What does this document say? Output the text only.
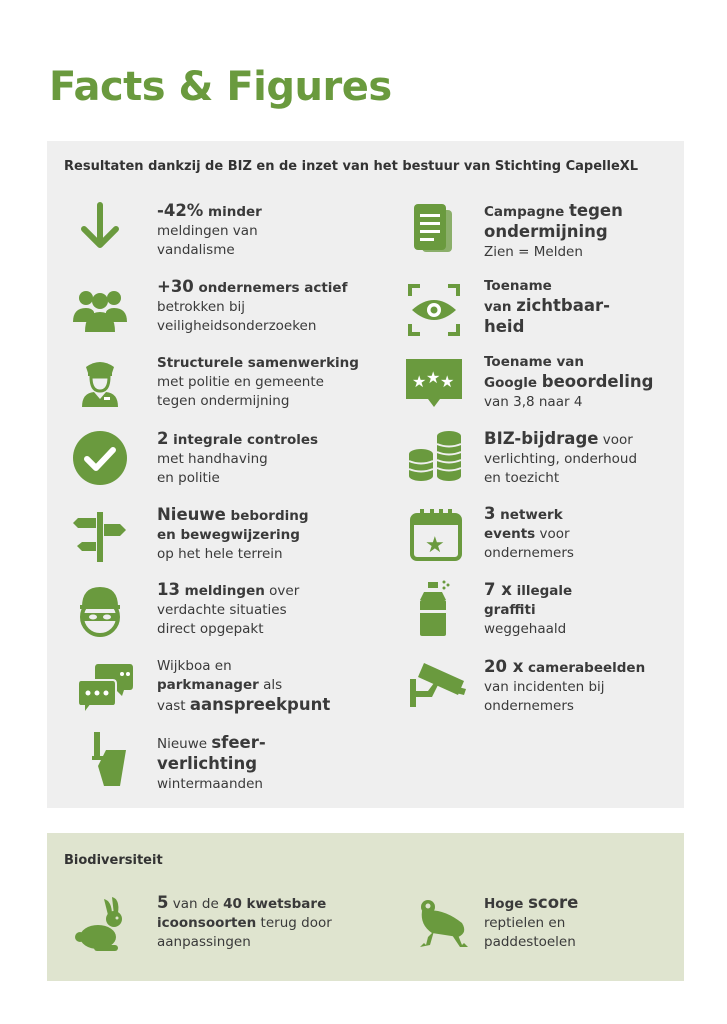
Facts & Figures

Resultaten dankzij de BIZ en de inzet van het bestuur van Stichting CapelleXL

-42% minder
meldingen van
vandalisme
+30 ondernemers actief
betrokken bij
veiligheidsonderzoeken
Structurele samenwerking
met politie en gemeente
tegen ondermijning
2 integrale controles
met handhaving
en politie
Nieuwe bebording
en bewegwijzering
op het hele terrein
13 meldingen over
verdachte situaties
direct opgepakt
Wijkboa en
parkmanager als
vast aanspreekpunt
Nieuwe sfeer-
verlichting
wintermaanden
Campagne tegen
ondermijning
Zien = Melden
Toename
van zichtbaar-
heid
★ ★ ★
Toename van
Google beoordeling
van 3,8 naar 4
BIZ-bijdrage voor
verlichting, onderhoud
en toezicht
★
3 netwerk
events voor
ondernemers
7 x illegale
graffiti
weggehaald
20 x camerabeelden
van incidenten bij
ondernemers

Biodiversiteit

5 van de 40 kwetsbare
icoonsoorten terug door
aanpassingen
Hoge score
reptielen en
paddestoelen
